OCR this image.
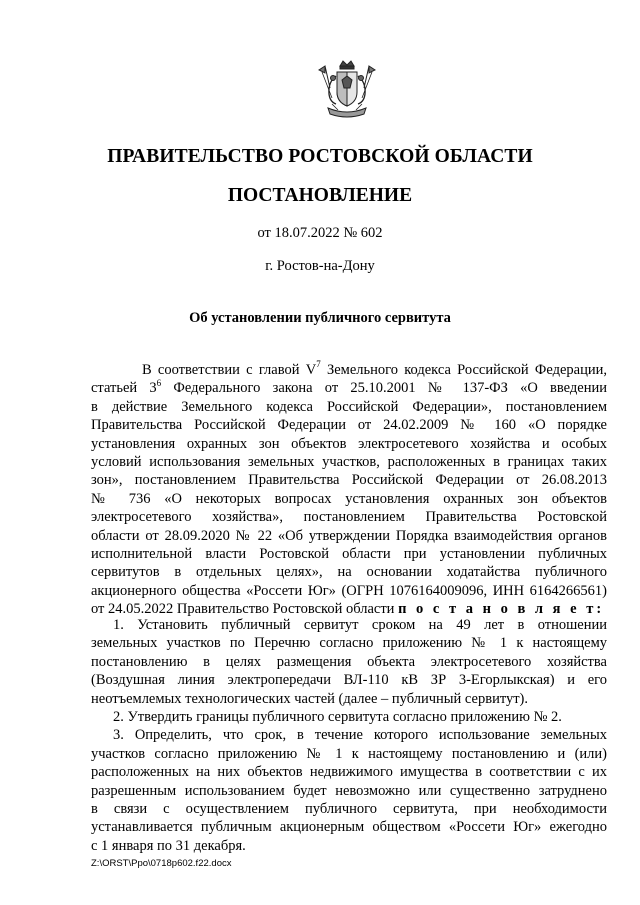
ПРАВИТЕЛЬСТВО РОСТОВСКОЙ ОБЛАСТИ
ПОСТАНОВЛЕНИЕ
от 18.07.2022 № 602
г. Ростов-на-Дону
Об установлении публичного сервитута
В соответствии с главой $V^7$ Земельного кодекса Российской Федерации,
статьей $3^6$ Федерального закона от 25.10.2001 № 137-ФЗ «О введении
в действие Земельного кодекса Российской Федерации», постановлением
Правительства Российской Федерации от 24.02.2009 № 160 «О порядке
установления охранных зон объектов электросетевого хозяйства и особых
условий использования земельных участков, расположенных в границах таких
зон», постановлением Правительства Российской Федерации от 26.08.2013
№ 736 «О некоторых вопросах установления охранных зон объектов
электросетевого хозяйства», постановлением Правительства Ростовской
области от 28.09.2020 № 22 «Об утверждении Порядка взаимодействия органов
исполнительной власти Ростовской области при установлении публичных
сервитутов в отдельных целях», на основании ходатайства публичного
акционерного общества «Россети Юг» (ОГРН 1076164009096, ИНН 6164266561)
от 24.05.2022 Правительство Ростовской области п о с т а н о в л я е т:
1. Установить публичный сервитут сроком на 49 лет в отношении
земельных участков по Перечню согласно приложению № 1 к настоящему
постановлению в целях размещения объекта электросетевого хозяйства
(Воздушная линия электропередачи ВЛ-110 кВ ЗР 3-Егорлыкская) и его
неотъемлемых технологических частей (далее – публичный сервитут).
2. Утвердить границы публичного сервитута согласно приложению № 2.
3. Определить, что срок, в течение которого использование земельных
участков согласно приложению № 1 к настоящему постановлению и (или)
расположенных на них объектов недвижимого имущества в соответствии с их
разрешенным использованием будет невозможно или существенно затруднено
в связи с осуществлением публичного сервитута, при необходимости
устанавливается публичным акционерным обществом «Россети Юг» ежегодно
с 1 января по 31 декабря.
Z:\ORST\Ppo\0718p602.f22.docx
